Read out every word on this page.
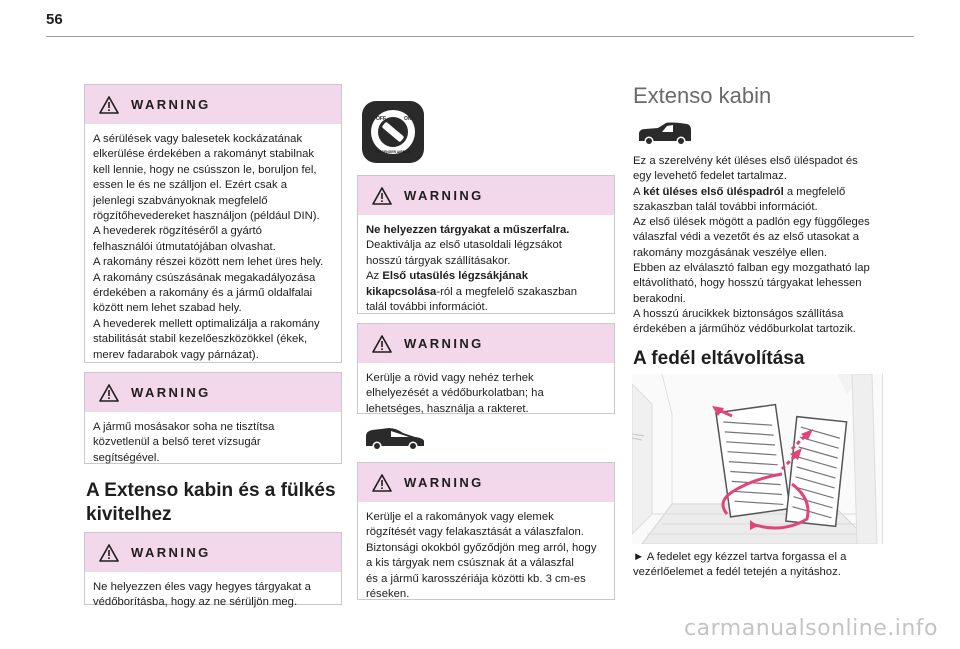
56
WARNING

A sérülések vagy balesetek kockázatának

elkerülése érdekében a rakományt stabilnak

kell lennie, hogy ne csússzon le, boruljon fel,

essen le és ne szálljon el. Ezért csak a

jelenlegi szabványoknak megfelelő

rögzítőhevedereket használjon (például DIN).

A hevederek rögzítéséről a gyártó

felhasználói útmutatójában olvashat.

A rakomány részei között nem lehet üres hely.

A rakomány csúszásának megakadályozása

érdekében a rakomány és a jármű oldalfalai

között nem lehet szabad hely.

A hevederek mellett optimalizálja a rakomány

stabilitását stabil kezelőeszközökkel (ékek,

merev fadarabok vagy párnázat).

WARNING

A jármű mosásakor soha ne tisztítsa

közvetlenül a belső teret vízsugár

segítségével.

A Extenso kabin és a fülkés
kivitelhez
WARNING

Ne helyezzen éles vagy hegyes tárgyakat a

védőborításba, hogy az ne sérüljön meg.

OFF	ON
PASSENGER AIRBAG
WARNING

Ne helyezzen tárgyakat a műszerfalra.

Deaktiválja az első utasoldali légzsákot

hosszú tárgyak szállításakor.

Az Első utasülés légzsákjának

kikapcsolása-ról a megfelelő szakaszban

talál további információt.

WARNING

Kerülje a rövid vagy nehéz terhek

elhelyezését a védőburkolatban; ha

lehetséges, használja a rakteret.

WARNING

Kerülje el a rakományok vagy elemek

rögzítését vagy felakasztását a válaszfalon.

Biztonsági okokból győződjön meg arról, hogy

a kis tárgyak nem csúsznak át a válaszfal

és a jármű karosszériája közötti kb. 3 cm-es

réseken.

Extenso kabin

Ez a szerelvény két üléses első üléspadot és

egy levehető fedelet tartalmaz.

A két üléses első üléspadról a megfelelő

szakaszban talál további információt.

Az első ülések mögött a padlón egy függőleges

válaszfal védi a vezetőt és az első utasokat a

rakomány mozgásának veszélye ellen.

Ebben az elválasztó falban egy mozgatható lap

eltávolítható, hogy hosszú tárgyakat lehessen

berakodni.

A hosszú árucikkek biztonságos szállítása

érdekében a járműhöz védőburkolat tartozik.

A fedél eltávolítása

► A fedelet egy kézzel tartva forgassa el a

vezérlőelemet a fedél tetején a nyitáshoz.

carmanualsonline.info
